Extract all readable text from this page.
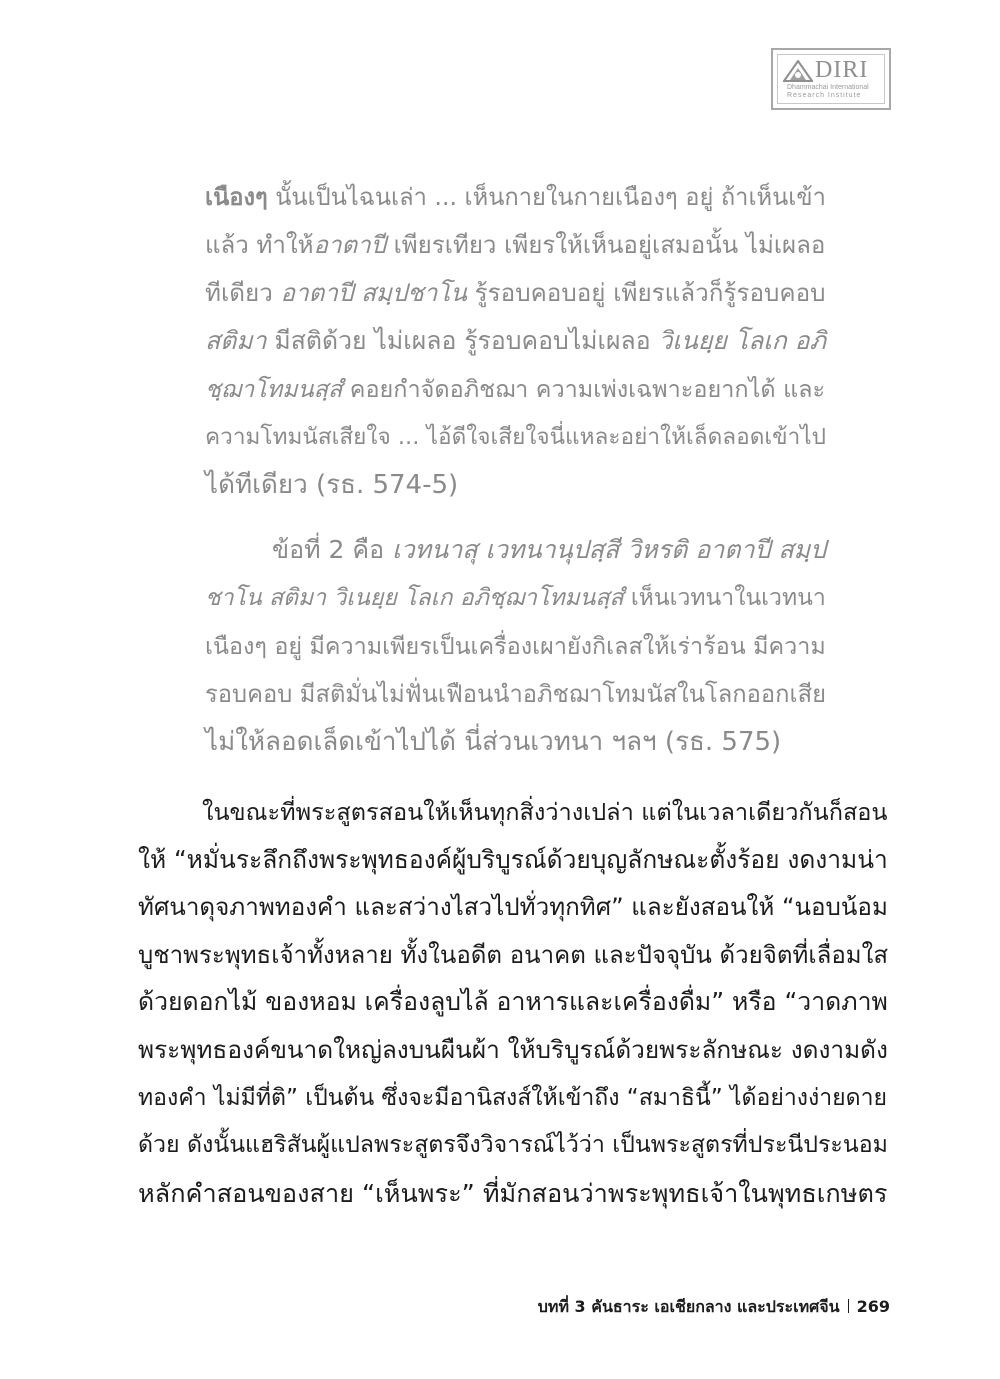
DIRI
Dhammachai International
Research Institute
เนืองๆ นั้นเป็นไฉนเล่า ... เห็นกายในกายเนืองๆ อยู่ ถ้าเห็นเข้า
แล้ว ทำให้อาตาปี เพียรเทียว เพียรให้เห็นอยู่เสมอนั้น ไม่เผลอ
ทีเดียว อาตาปี สมฺปชาโน รู้รอบคอบอยู่ เพียรแล้วก็รู้รอบคอบ
สติมา มีสติด้วย ไม่เผลอ รู้รอบคอบไม่เผลอ วิเนยฺย โลเก อภิ
ชฺฌาโทมนสฺสํ คอยกำจัดอภิชฌา ความเพ่งเฉพาะอยากได้ และ
ความโทมนัสเสียใจ ... ไอ้ดีใจเสียใจนี่แหละอย่าให้เล็ดลอดเข้าไป
ได้ทีเดียว (รธ. 574-5)
ข้อที่ 2 คือ เวทนาสุ เวทนานุปสฺสี วิหรติ อาตาปี สมฺป
ชาโน สติมา วิเนยฺย โลเก อภิชฺฌาโทมนสฺสํ เห็นเวทนาในเวทนา
เนืองๆ อยู่ มีความเพียรเป็นเครื่องเผายังกิเลสให้เร่าร้อน มีความ
รอบคอบ มีสติมั่นไม่ฟั่นเฟือนนำอภิชฌาโทมนัสในโลกออกเสีย
ไม่ให้ลอดเล็ดเข้าไปได้ นี่ส่วนเวทนา ฯลฯ (รธ. 575)
ในขณะที่พระสูตรสอนให้เห็นทุกสิ่งว่างเปล่า แต่ในเวลาเดียวกันก็สอน
ให้ “หมั่นระลึกถึงพระพุทธองค์ผู้บริบูรณ์ด้วยบุญลักษณะตั้งร้อย งดงามน่า
ทัศนาดุจภาพทองคำ และสว่างไสวไปทั่วทุกทิศ” และยังสอนให้ “นอบน้อม
บูชาพระพุทธเจ้าทั้งหลาย ทั้งในอดีต อนาคต และปัจจุบัน ด้วยจิตที่เลื่อมใส
ด้วยดอกไม้ ของหอม เครื่องลูบไล้ อาหารและเครื่องดื่ม” หรือ “วาดภาพ
พระพุทธองค์ขนาดใหญ่ลงบนผืนผ้า ให้บริบูรณ์ด้วยพระลักษณะ งดงามดัง
ทองคำ ไม่มีที่ติ” เป็นต้น ซึ่งจะมีอานิสงส์ให้เข้าถึง “สมาธินี้” ได้อย่างง่ายดาย
ด้วย ดังนั้นแฮริสันผู้แปลพระสูตรจึงวิจารณ์ไว้ว่า เป็นพระสูตรที่ประนีประนอม
หลักคำสอนของสาย “เห็นพระ” ที่มักสอนว่าพระพุทธเจ้าในพุทธเกษตร
บทที่ 3 คันธาระ เอเชียกลาง และประเทศจีน 269
